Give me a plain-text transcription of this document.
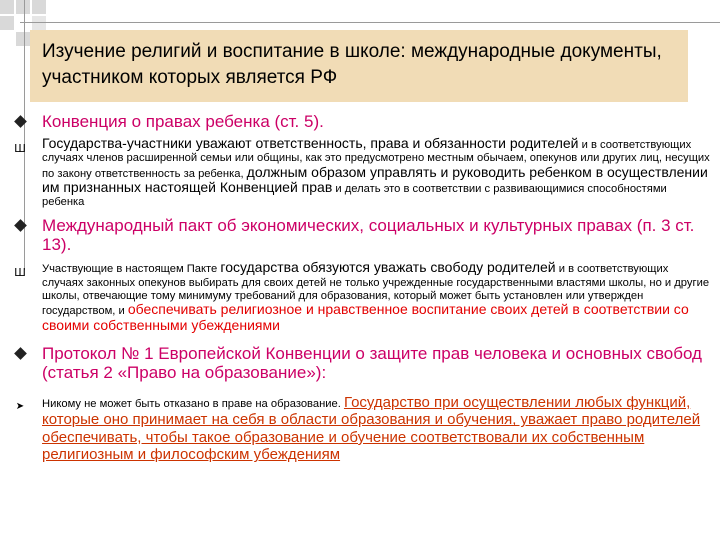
Изучение религий и воспитание в школе: международные документы, участником которых является РФ
Конвенция о правах ребенка (ст. 5).
Ш Государства-участники уважают ответственность, права и обязанности родителей и в соответствующих случаях членов расширенной семьи или общины, как это предусмотрено местным обычаем, опекунов или других лиц, несущих по закону ответственность за ребенка, должным образом управлять и руководить ребенком в осуществлении им признанных настоящей Конвенцией прав и делать это в соответствии с развивающимися способностями ребенка
Международный пакт об экономических, социальных и культурных правах (п. 3 ст. 13).
Ш Участвующие в настоящем Пакте государства обязуются уважать свободу родителей и в соответствующих случаях законных опекунов выбирать для своих детей не только учрежденные государственными властями школы, но и другие школы, отвечающие тому минимуму требований для образования, который может быть установлен или утвержден государством, и обеспечивать религиозное и нравственное воспитание своих детей в соответствии со своими собственными убеждениями
Протокол № 1 Европейской Конвенции о защите прав человека и основных свобод (статья 2 «Право на образование»):
➤ Никому не может быть отказано в праве на образование. Государство при осуществлении любых функций, которые оно принимает на себя в области образования и обучения, уважает право родителей обеспечивать, чтобы такое образование и обучение соответствовали их собственным религиозным и философским убеждениям
